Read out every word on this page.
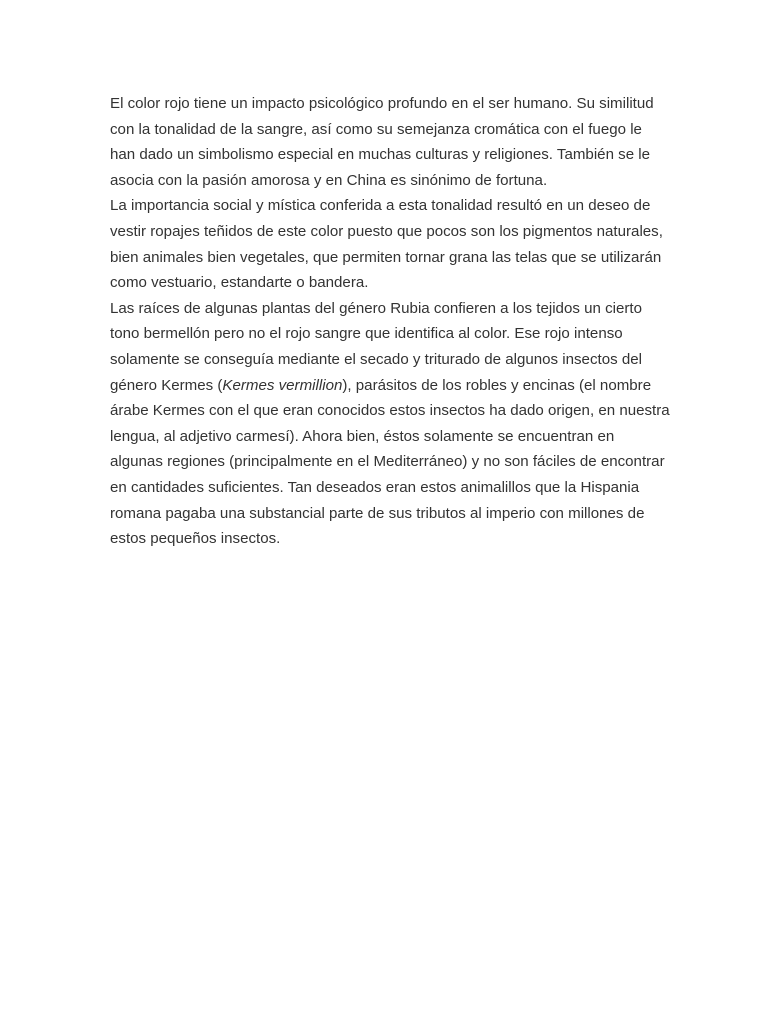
El color rojo tiene un impacto psicológico profundo en el ser humano. Su similitud con la tonalidad de la sangre, así como su semejanza cromática con el fuego le han dado un simbolismo especial en muchas culturas y religiones. También se le asocia con la pasión amorosa y en China es sinónimo de fortuna.

La importancia social y mística conferida a esta tonalidad resultó en un deseo de vestir ropajes teñidos de este color puesto que pocos son los pigmentos naturales, bien animales bien vegetales, que permiten tornar grana las telas que se utilizarán como vestuario, estandarte o bandera.

Las raíces de algunas plantas del género Rubia confieren a los tejidos un cierto tono bermellón pero no el rojo sangre que identifica al color. Ese rojo intenso solamente se conseguía mediante el secado y triturado de algunos insectos del género Kermes (Kermes vermillion), parásitos de los robles y encinas (el nombre árabe Kermes con el que eran conocidos estos insectos ha dado origen, en nuestra lengua, al adjetivo carmesí). Ahora bien, éstos solamente se encuentran en algunas regiones (principalmente en el Mediterráneo) y no son fáciles de encontrar en cantidades suficientes. Tan deseados eran estos animalillos que la Hispania romana pagaba una substancial parte de sus tributos al imperio con millones de estos pequeños insectos.
